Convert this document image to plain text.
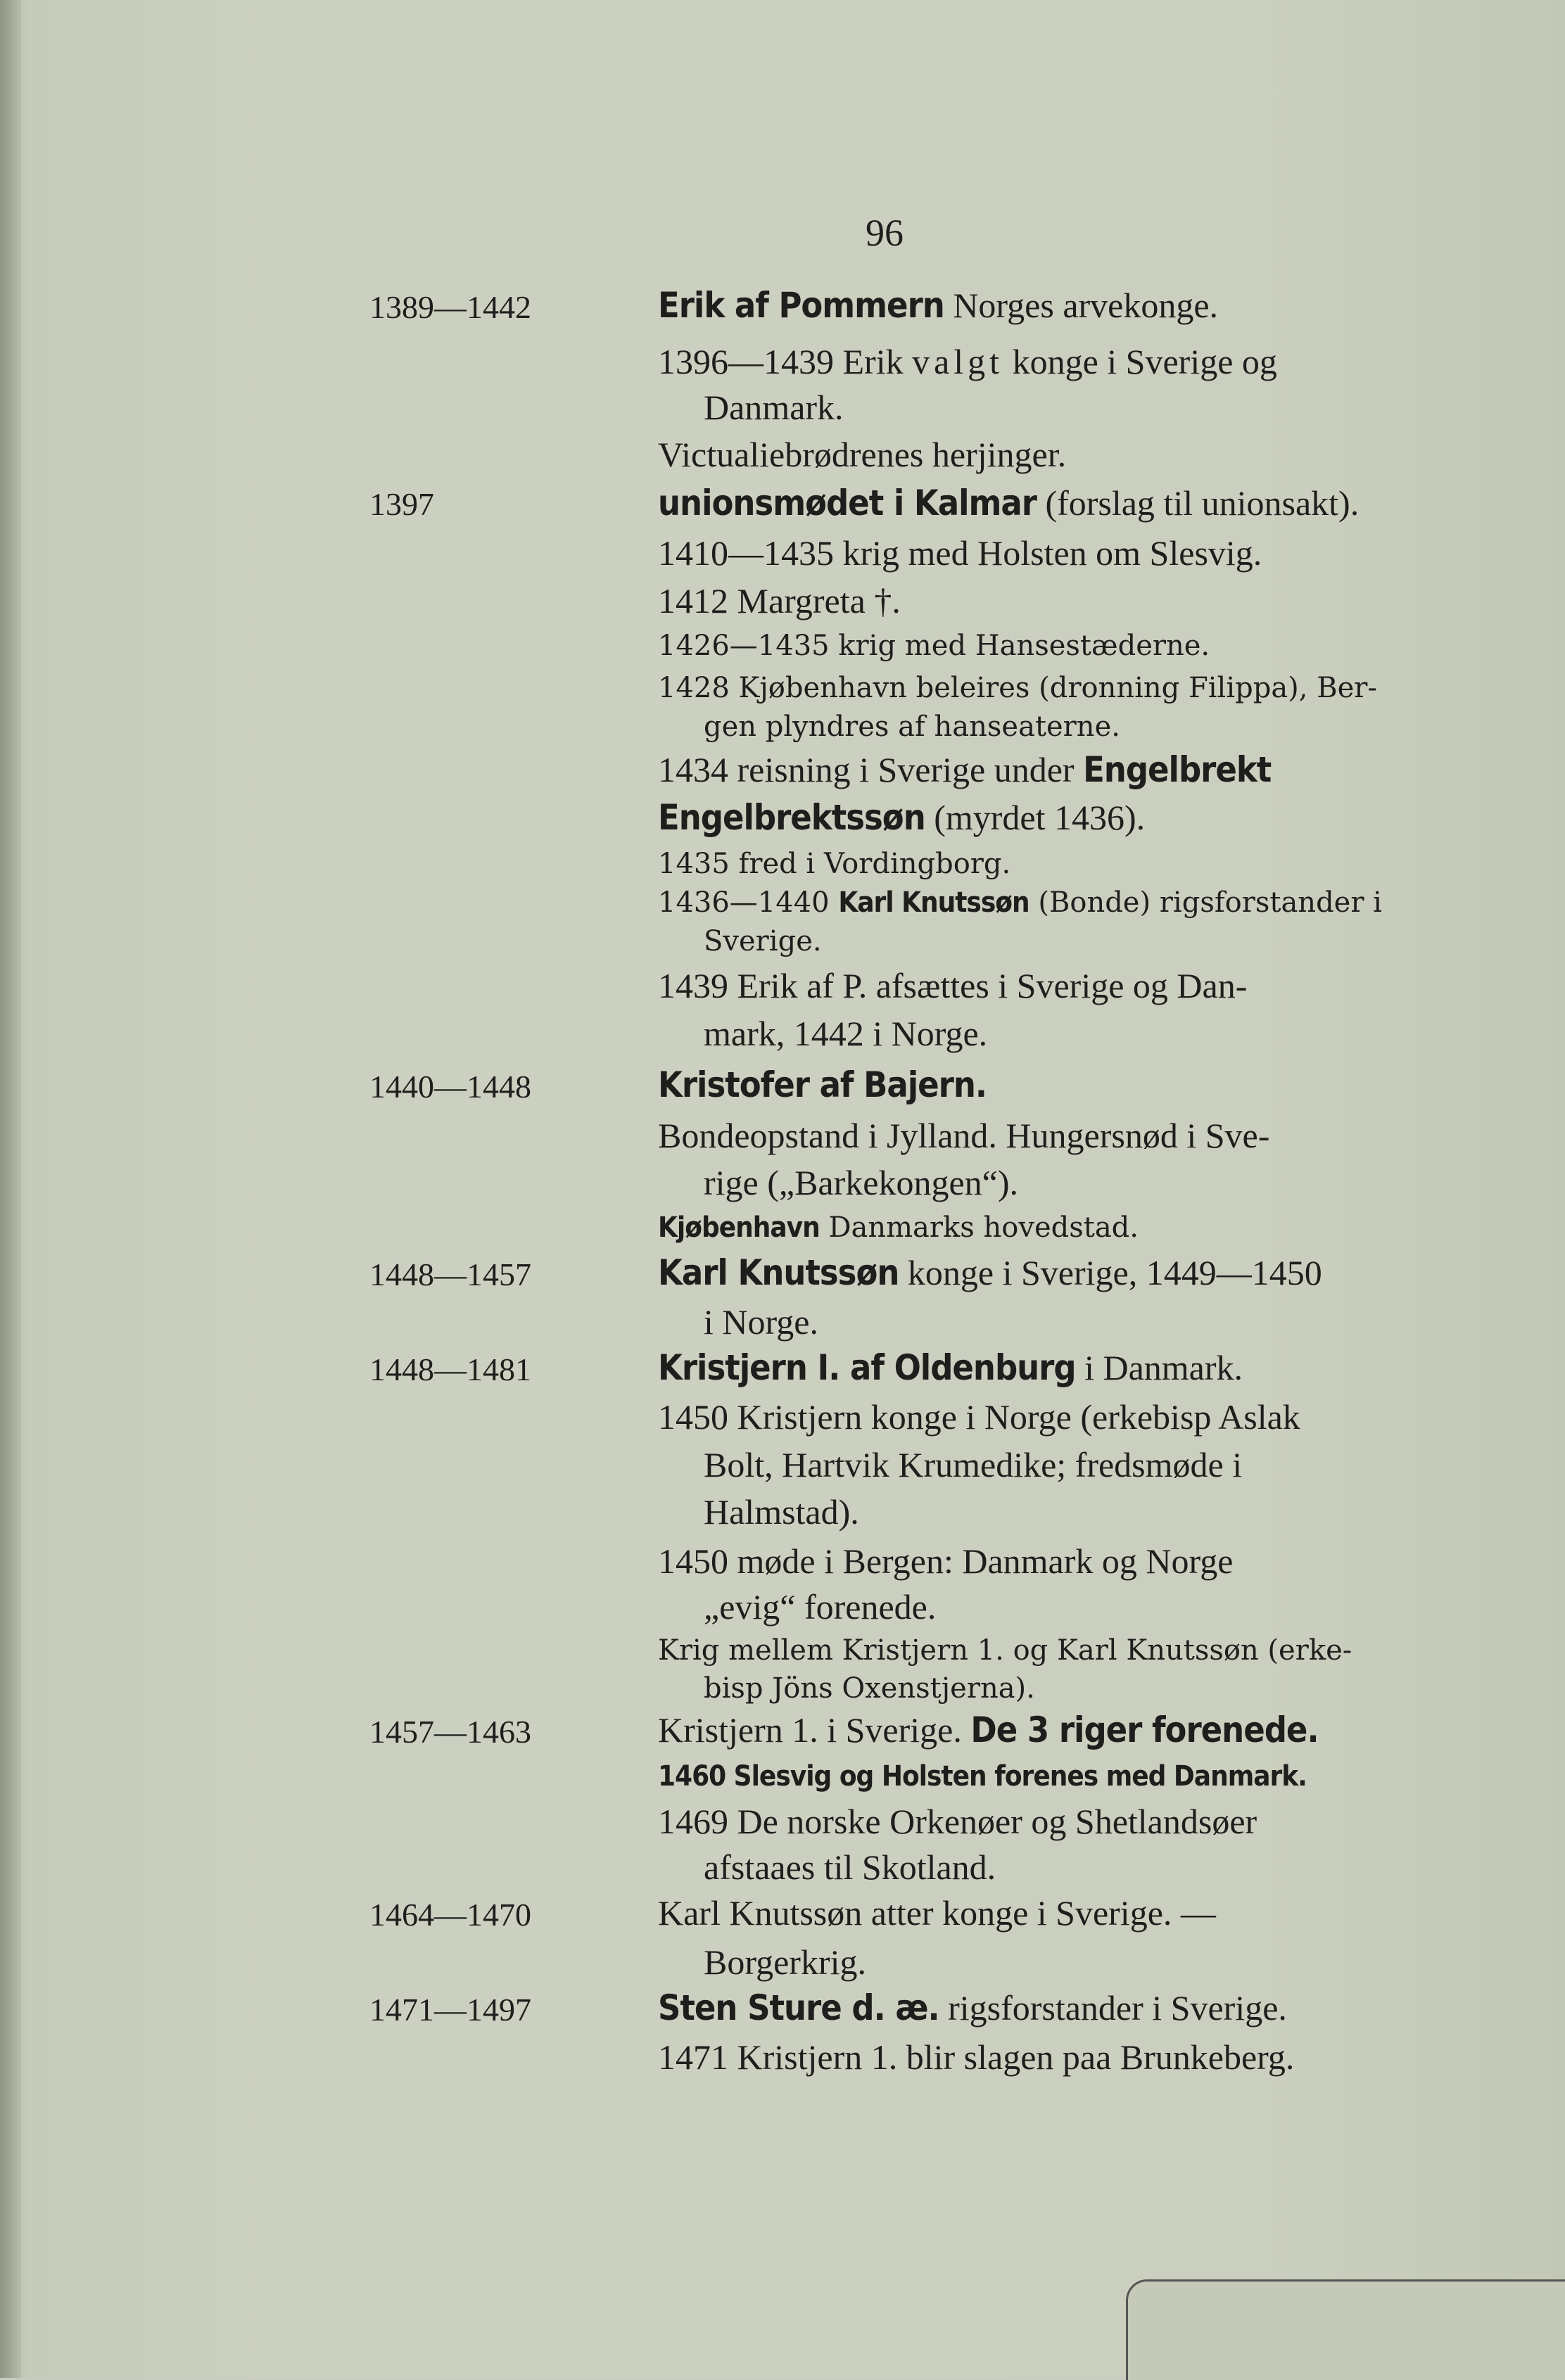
96
1389—1442	Erik af Pommern Norges arvekonge.
1396—1439 Erik valgt konge i Sverige og
Danmark.
Victualiebrødrenes herjinger.
1397	unionsmødet i Kalmar (forslag til unionsakt).
1410—1435 krig med Holsten om Slesvig.
1412 Margreta †.
1426—1435 krig med Hansestæderne.
1428 Kjøbenhavn beleires (dronning Filippa), Ber-
gen plyndres af hanseaterne.
1434 reisning i Sverige under Engelbrekt
Engelbrektssøn (myrdet 1436).
1435 fred i Vordingborg.
1436—1440 Karl Knutssøn (Bonde) rigsforstander i
Sverige.
1439 Erik af P. afsættes i Sverige og Dan-
mark, 1442 i Norge.
1440—1448	Kristofer af Bajern.
Bondeopstand i Jylland. Hungersnød i Sve-
rige („Barkekongen“).
Kjøbenhavn Danmarks hovedstad.
1448—1457	Karl Knutssøn konge i Sverige, 1449—1450
i Norge.
1448—1481	Kristjern I. af Oldenburg i Danmark.
1450 Kristjern konge i Norge (erkebisp Aslak
Bolt, Hartvik Krumedike; fredsmøde i
Halmstad).
1450 møde i Bergen: Danmark og Norge
„evig“ forenede.
Krig mellem Kristjern 1. og Karl Knutssøn (erke-
bisp Jöns Oxenstjerna).
1457—1463	Kristjern 1. i Sverige. De 3 riger forenede.
1460 Slesvig og Holsten forenes med Danmark.
1469 De norske Orkenøer og Shetlandsøer
afstaaes til Skotland.
1464—1470	Karl Knutssøn atter konge i Sverige. —
Borgerkrig.
1471—1497	Sten Sture d. æ. rigsforstander i Sverige.
1471 Kristjern 1. blir slagen paa Brunkeberg.
